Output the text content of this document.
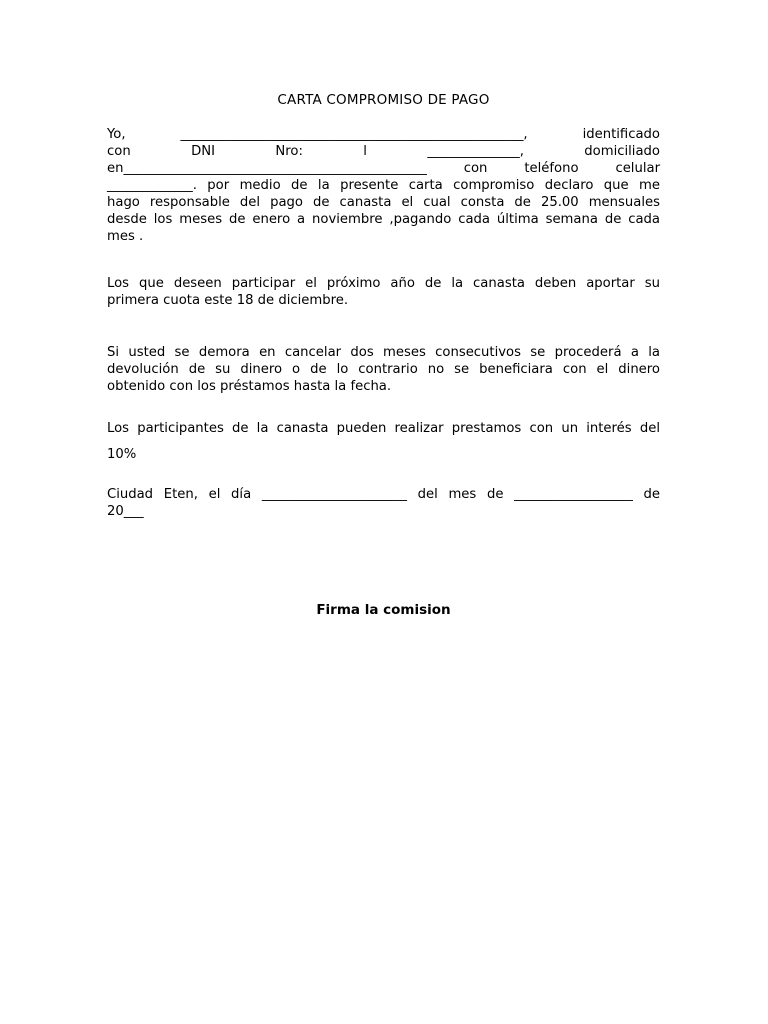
CARTA COMPROMISO DE PAGO
Yo, ____________________________________________________, identificado
con DNI Nro: l ______________, domiciliado
en______________________________________________ con teléfono celular
_____________. por medio de la presente carta compromiso declaro que me
hago responsable del pago de canasta el cual consta de 25.00 mensuales
desde los meses de enero a noviembre ,pagando cada última semana de cada
mes .
Los que deseen participar el próximo año de la canasta deben aportar su
primera cuota este 18 de diciembre.
Si usted se demora en cancelar dos meses consecutivos se procederá a la
devolución de su dinero o de lo contrario no se beneficiara con el dinero
obtenido con los préstamos hasta la fecha.
Los participantes de la canasta pueden realizar prestamos con un interés del
10%
Ciudad Eten, el día ______________________ del mes de __________________ de
20___
Firma la comision
